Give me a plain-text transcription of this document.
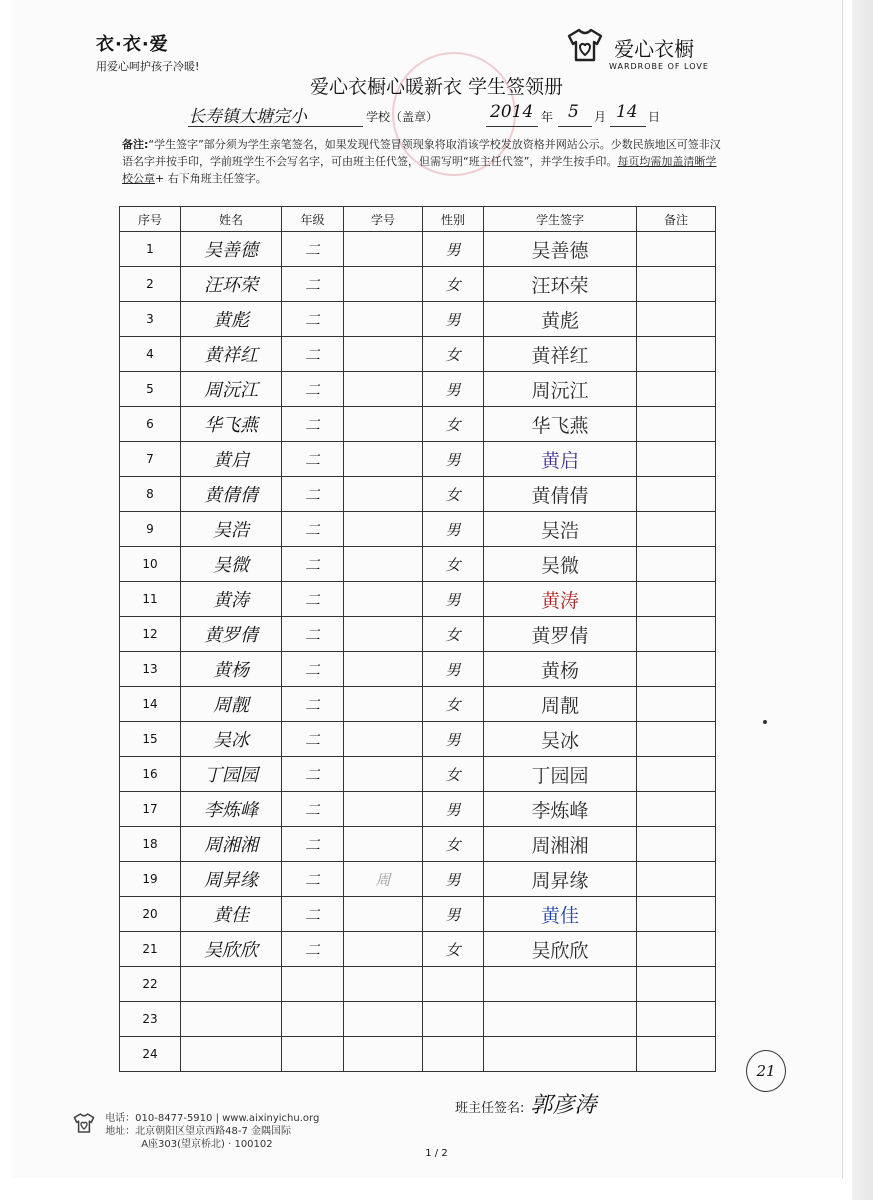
衣·衣·爱
用爱心呵护孩子冷暖!
爱心衣橱
WARDROBE OF LOVE
爱心衣橱心暖新衣 学生签领册
长寿镇大塘完小	学校（盖章）	2014 年 5 月 14 日
备注:“学生签字”部分须为学生亲笔签名，如果发现代签冒领现象将取消该学校发放资格并网站公示。少数民族地区可签非汉语名字并按手印，学前班学生不会写名字，可由班主任代签，但需写明“班主任代签”，并学生按手印。每页均需加盖清晰学校公章+ 右下角班主任签字。
序号	姓名	年级	学号	性别	学生签字	备注
1	吴善德	二		男	吴善德	
2	汪环荣	二		女	汪环荣	
3	黄彪	二		男	黄彪	
4	黄祥红	二		女	黄祥红	
5	周沅江	二		男	周沅江	
6	华飞燕	二		女	华飞燕	
7	黄启	二		男	黄启	
8	黄倩倩	二		女	黄倩倩	
9	吴浩	二		男	吴浩	
10	吴微	二		女	吴微	
11	黄涛	二		男	黄涛	
12	黄罗倩	二		女	黄罗倩	
13	黄杨	二		男	黄杨	
14	周靓	二		女	周靓	
15	吴冰	二		男	吴冰	
16	丁园园	二		女	丁园园	
17	李炼峰	二		男	李炼峰	
18	周湘湘	二		女	周湘湘	
19	周昇缘	二	周	男	周昇缘	
20	黄佳	二		男	黄佳	
21	吴欣欣	二		女	吴欣欣	
22						
23						
24						
班主任签名: 郭彦涛
21

电话：010-8477-5910 | www.aixinyichu.org
地址：北京朝阳区望京西路48-7 金隅国际
A座303(望京桥北) · 100102
1 / 2
